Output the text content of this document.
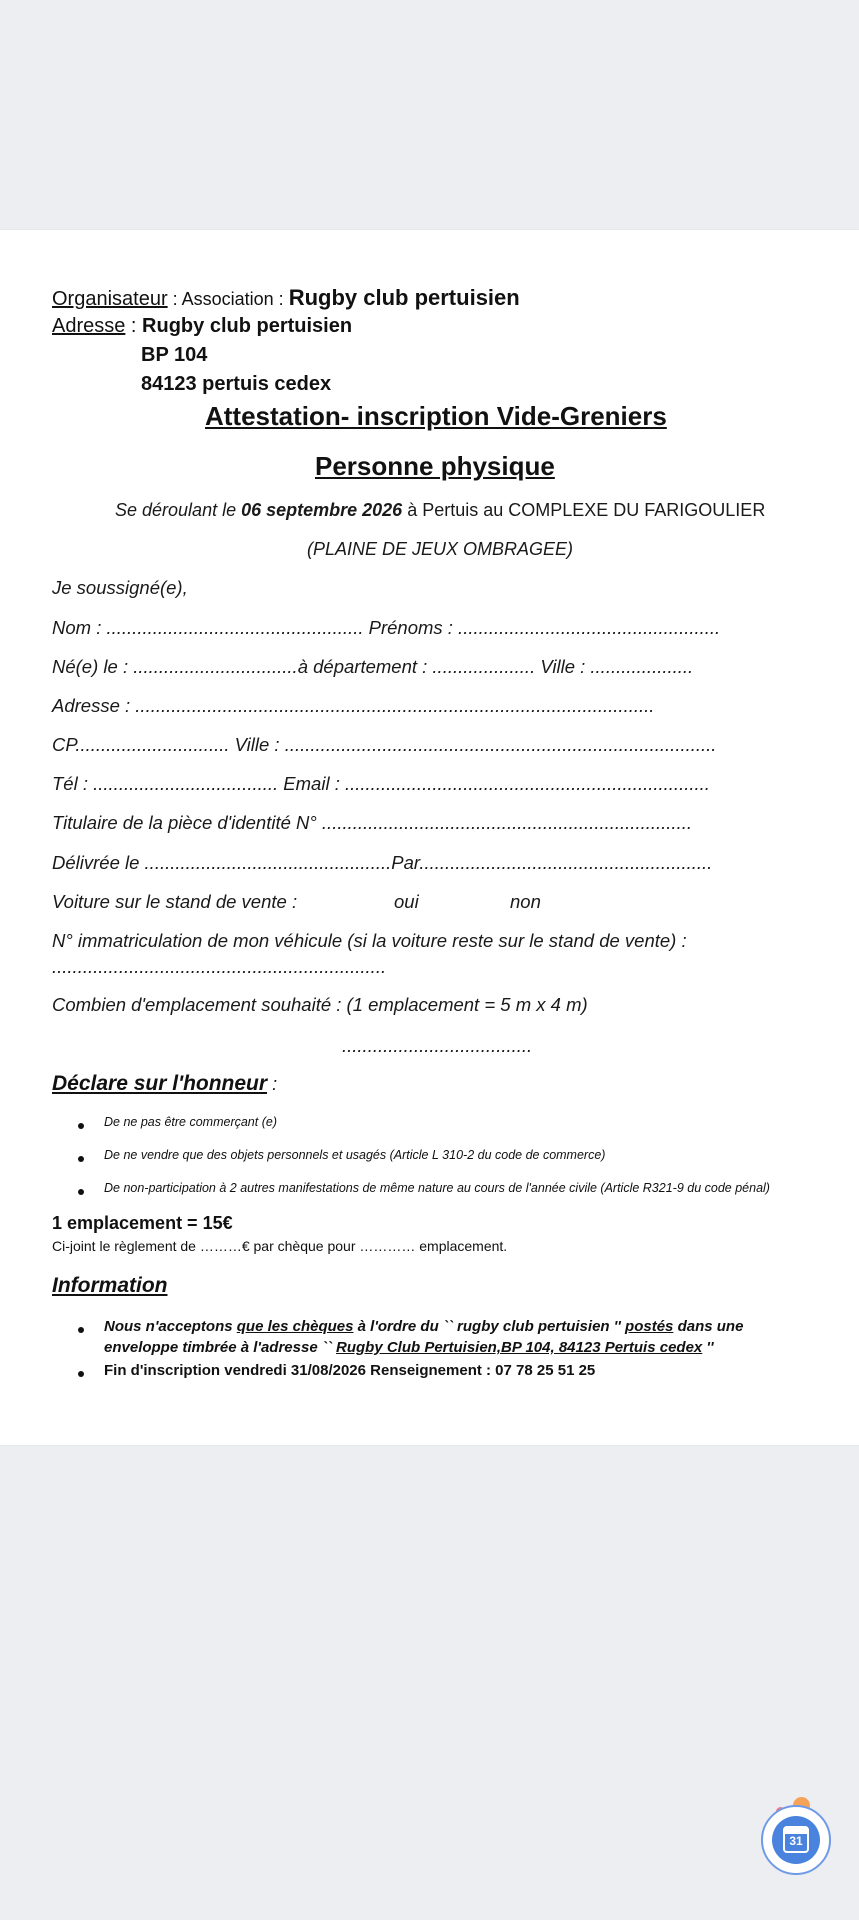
Organisateur : Association : Rugby club pertuisien
Adresse : Rugby club pertuisien
BP 104
84123 pertuis cedex
Attestation- inscription Vide-Greniers
Personne physique
Se déroulant le 06 septembre 2026 à Pertuis au COMPLEXE DU FARIGOULIER
(PLAINE DE JEUX OMBRAGEE)
Je soussigné(e),
Nom : .................................................. Prénoms : ...................................................
Né(e) le : ................................à département : .................... Ville : ....................
Adresse : .....................................................................................................
CP.............................. Ville : ....................................................................................
Tél : .................................... Email : .......................................................................
Titulaire de la pièce d'identité N° ........................................................................
Délivrée le ................................................Par.........................................................
Voiture sur le stand de vente :	oui	non
N° immatriculation de mon véhicule (si la voiture reste sur le stand de vente) :
.................................................................
Combien d'emplacement souhaité : (1 emplacement = 5 m x 4 m)
.....................................
Déclare sur l'honneur :
De ne pas être commerçant (e)
De ne vendre que des objets personnels et usagés (Article L 310-2 du code de commerce)
De non-participation à 2 autres manifestations de même nature au cours de l'année civile (Article R321-9 du code pénal)
1 emplacement = 15€
Ci-joint le règlement de ………€ par chèque pour ………… emplacement.
Information
Nous n'acceptons que les chèques à l'ordre du `` rugby club pertuisien '' postés dans une
enveloppe timbrée à l'adresse `` Rugby Club Pertuisien,BP 104, 84123 Pertuis cedex ''
Fin d'inscription vendredi 31/08/2026 Renseignement : 07 78 25 51 25
31
